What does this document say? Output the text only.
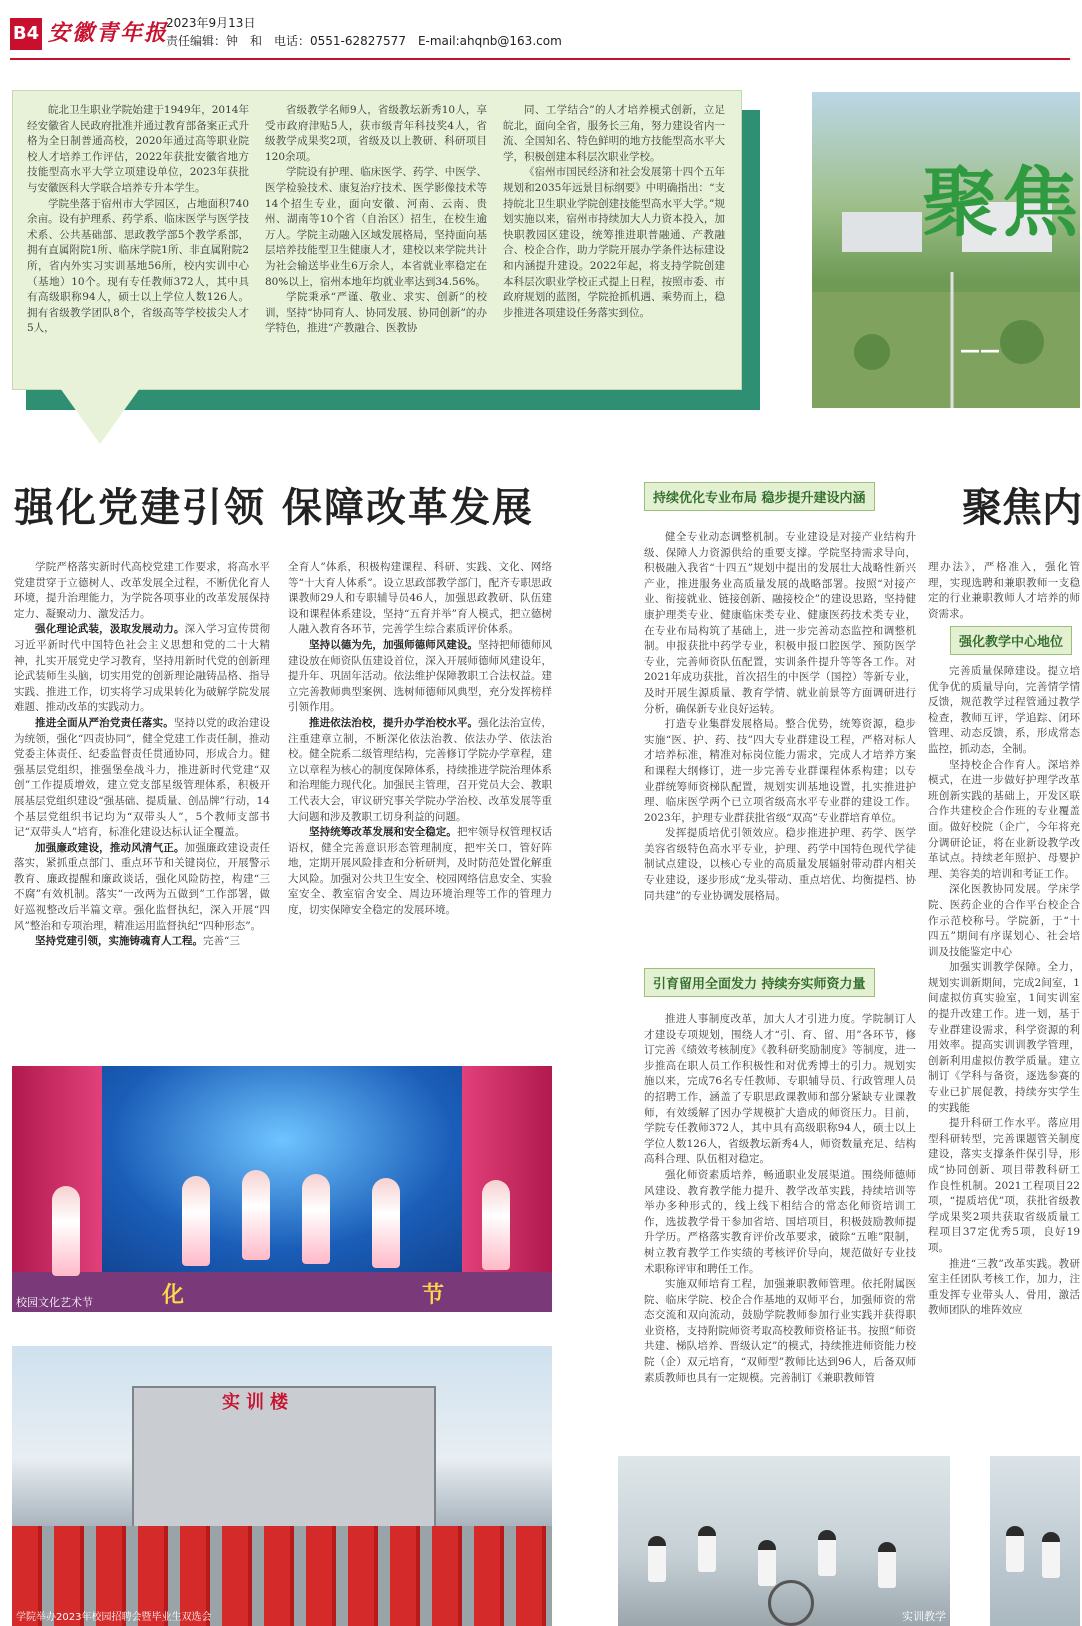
B4 安徽青年报
2023年9月13日
责任编辑：钟　和　电话：0551-62827577　E-mail:ahqnb@163.com

皖北卫生职业学院始建于1949年，2014年经安徽省人民政府批准并通过教育部备案正式升格为全日制普通高校，2020年通过高等职业院校人才培养工作评估，2022年获批安徽省地方技能型高水平大学立项建设单位，2023年获批与安徽医科大学联合培养专升本学生。

学院坐落于宿州市大学园区，占地面积740余亩。设有护理系、药学系、临床医学与医学技术系、公共基础部、思政教学部5个教学系部，拥有直属附院1所、临床学院1所、非直属附院2所，省内外实习实训基地56所，校内实训中心（基地）10个。现有专任教师372人，其中具有高级职称94人，硕士以上学位人数126人。拥有省级教学团队8个，省级高等学校拔尖人才5人，

省级教学名师9人，省级教坛新秀10人，享受市政府津贴5人，获市级青年科技奖4人，省级教学成果奖2项，省级及以上教研、科研项目120余项。

学院设有护理、临床医学、药学、中医学、医学检验技术、康复治疗技术、医学影像技术等14个招生专业，面向安徽、河南、云南、贵州、湖南等10个省（自治区）招生，在校生逾万人。学院主动融入区域发展格局，坚持面向基层培养技能型卫生健康人才，建校以来学院共计为社会输送毕业生6万余人，本省就业率稳定在80%以上，宿州本地年均就业率达到34.56%。

学院秉承“严谨、敬业、求实、创新”的校训，坚持“协同育人、协同发展、协同创新”的办学特色，推进“产教融合、医教协

同、工学结合”的人才培养模式创新，立足皖北，面向全省，服务长三角，努力建设省内一流、全国知名、特色鲜明的地方技能型高水平大学，积极创建本科层次职业学校。

《宿州市国民经济和社会发展第十四个五年规划和2035年远景目标纲要》中明确指出：“支持皖北卫生职业学院创建技能型高水平大学。”规划实施以来，宿州市持续加大人力资本投入，加快职教园区建设，统筹推进职普融通、产教融合、校企合作，助力学院开展办学条件达标建设和内涵提升建设。2022年起，将支持学院创建本科层次职业学校正式提上日程，按照市委、市政府规划的蓝图，学院抢抓机遇、乘势而上，稳步推进各项建设任务落实到位。

聚焦
——
强化党建引领 保障改革发展	聚焦内

学院严格落实新时代高校党建工作要求，将高水平党建贯穿于立德树人、改革发展全过程，不断优化育人环境，提升治理能力，为学院各项事业的改革发展保持定力、凝聚动力、激发活力。

强化理论武装，汲取发展动力。深入学习宣传贯彻习近平新时代中国特色社会主义思想和党的二十大精神，扎实开展党史学习教育，坚持用新时代党的创新理论武装师生头脑，切实用党的创新理论融铸品格、指导实践、推进工作，切实将学习成果转化为破解学院发展难题、推动改革的实践动力。

推进全面从严治党责任落实。坚持以党的政治建设为统领，强化“四责协同”，健全党建工作责任制，推动党委主体责任、纪委监督责任贯通协同，形成合力。健强基层党组织，推强堡垒战斗力，推进新时代党建“双创”工作提质增效，建立党支部星级管理体系，积极开展基层党组织建设“强基础、提质量、创品牌”行动，14个基层党组织书记均为“双带头人”，5个教师支部书记“双带头人”培育，标准化建设达标认证全覆盖。

加强廉政建设，推动风清气正。加强廉政建设责任落实，紧抓重点部门、重点环节和关键岗位，开展警示教育、廉政提醒和廉政谈话，强化风险防控，构建“三不腐”有效机制。落实“一改两为五做到”工作部署，做好巡视整改后半篇文章。强化监督执纪，深入开展“四风”整治和专项治理，精准运用监督执纪“四种形态”。

坚持党建引领，实施铸魂育人工程。完善“三

全育人”体系，积极构建课程、科研、实践、文化、网络等“十大育人体系”。设立思政部教学部门，配齐专职思政课教师29人和专职辅导员46人，加强思政教研、队伍建设和课程体系建设，坚持“五育并举”育人模式，把立德树人融入教育各环节，完善学生综合素质评价体系。

坚持以德为先，加强师德师风建设。坚持把师德师风建设放在师资队伍建设首位，深入开展师德师风建设年，提升年、巩固年活动。依法维护保障教职工合法权益。建立完善教师典型案例、选树师德师风典型，充分发挥榜样引领作用。

推进依法治校，提升办学治校水平。强化法治宣传，注重建章立制，不断深化依法治教、依法办学、依法治校。健全院系二级管理结构，完善修订学院办学章程，建立以章程为核心的制度保障体系，持续推进学院治理体系和治理能力现代化。加强民主管理，召开党员大会、教职工代表大会，审议研究事关学院办学治校、改革发展等重大问题和涉及教职工切身利益的问题。

坚持统筹改革发展和安全稳定。把牢领导权管理权话语权，健全完善意识形态管理制度，把牢关口，管好阵地，定期开展风险排查和分析研判，及时防范处置化解重大风险。加强对公共卫生安全、校园网络信息安全、实验室安全、教室宿舍安全、周边环境治理等工作的管理力度，切实保障安全稳定的发展环境。

持续优化专业布局 稳步提升建设内涵

健全专业动态调整机制。专业建设是对接产业结构升级、保障人力资源供给的重要支撑。学院坚持需求导向，积极融入我省“十四五”规划中提出的发展壮大战略性新兴产业，推进服务业高质量发展的战略部署。按照“对接产业、衔接就业、链接创新、融接校企”的建设思路，坚持健康护理类专业、健康临床类专业、健康医药技术类专业，在专业布局构筑了基础上，进一步完善动态监控和调整机制。申报获批中药学专业，积极申报口腔医学、预防医学专业，完善师资队伍配置，实训条件提升等等各工作。对2021年成功获批，首次招生的中医学（国控）等新专业，及时开展生源质量、教育学情、就业前景等方面调研进行分析，确保新专业良好运转。

打造专业集群发展格局。整合优势，统筹资源，稳步实施“医、护、药、技”四大专业群建设工程，严格对标人才培养标准，精准对标岗位能力需求，完成人才培养方案和课程大纲修订，进一步完善专业群课程体系构建；以专业群统筹师资梯队配置，规划实训基地设置，扎实推进护理、临床医学两个已立项省级高水平专业群的建设工作。2023年，护理专业群获批省级“双高”专业群培育单位。

发挥提质培优引领效应。稳步推进护理、药学、医学美容省级特色高水平专业，护理、药学中国特色现代学徒制试点建设，以核心专业的高质量发展辐射带动群内相关专业建设，逐步形成“龙头带动、重点培优、均衡提档、协同共建”的专业协调发展格局。

引育留用全面发力 持续夯实师资力量

推进人事制度改革，加大人才引进力度。学院制订人才建设专项规划，围绕人才“引、育、留、用”各环节，修订完善《绩效考核制度》《教科研奖励制度》等制度，进一步推高在职人员工作积极性和对优秀博士的引力。规划实施以来，完成76名专任教师、专职辅导员、行政管理人员的招聘工作，涵盖了专职思政课教师和部分紧缺专业课教师，有效缓解了因办学规模扩大造成的师资压力。目前，学院专任教师372人，其中具有高级职称94人，硕士以上学位人数126人，省级教坛新秀4人，师资数量充足、结构高科合理、队伍相对稳定。

强化师资素质培养，畅通职业发展渠道。围绕师德师风建设、教育教学能力提升、教学改革实践，持续培训等举办多种形式的，线上线下相结合的常态化师资培训工作，选拔教学骨干参加省培、国培项目，积极鼓励教师提升学历。严格落实教育评价改革要求，破除“五唯”限制，树立教育教学工作实绩的考核评价导向，规范做好专业技术职称评审和聘任工作。

实施双师培育工程，加强兼职教师管理。依托附属医院、临床学院、校企合作基地的双师平台，加强师资的常态交流和双向流动，鼓励学院教师参加行业实践并获得职业资格，支持附院师资考取高校教师资格证书。按照“师资共建、梯队培养、晋级认定”的模式，持续推进师资能力校院（企）双元培育，“双师型”教师比达到96人，后备双师素质教师也具有一定规模。完善制订《兼职教师管

理办法》，严格准入，强化管理，实现选聘和兼职教师一支稳定的行业兼职教师人才培养的师资需求。

强化教学中心地位

完善质量保障建设。提立培优争优的质量导向，完善情学情反馈，规范教学过程管通过教学检查，教师互评，学追踪、闭环管理、动态反馈，系，形成常态监控，抓动态，全制。

坚持校企合作育人。深培养模式，在进一步做好护理学改革班创新实践的基础上，开发区联合作共建校企合作班的专业覆盖面。做好校院（企广，今年将充分调研论证，将在业新设教学改革试点。持续老年照护、母婴护理、美容美的培训和考证工作。

深化医教协同发展。学床学院、医药企业的合作平台校企合作示范校称号。学院新，于“十四五”期间有序谋划心、社会培训及技能鉴定中心

加强实训教学保障。全力，规划实训新期间，完成2间室，1间虚拟仿真实验室，1间实训室的提升改建工作。进一划，基于专业群建设需求，科学资源的利用效率。提高实训训教学管理，创新利用虚拟仿教学质量。建立制订《学科与备资，逐选参赛的专业已扩展促教，持续夯实学生的实践能

提升科研工作水平。落应用型科研转型，完善课题管关制度建设，落实支撑条件保引导，形成“协同创新、项目带教科研工作良性机制。2021工程项目22项，“提质培优”项，获批省级教学成果奖2项共获取省级质量工程项目37定优秀5项，良好19项。

推进“三教”改革实践。教研室主任团队考核工作，加力，注重发挥专业带头人、骨用，激活教师团队的堆阵效应

校园文化艺术节	化	节
实训楼
学院举办2023年校园招聘会暨毕业生双选会	实训教学
